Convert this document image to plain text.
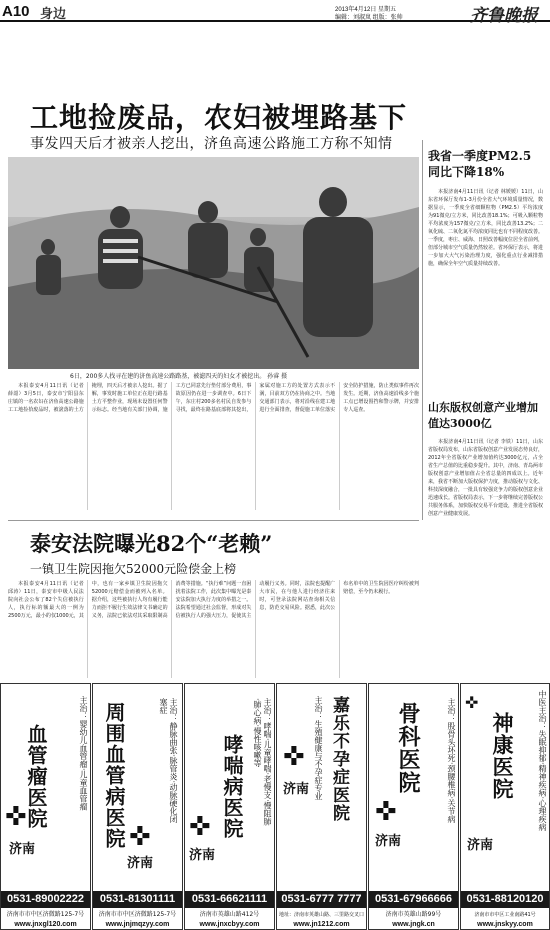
A10 身边	2013年4月12日 星期五
编辑：刘淑岚 组版：张帅	齐鲁晚报
工地捡废品，农妇被埋路基下
事发四天后才被亲人挖出，济鱼高速公路施工方称不知情
6日，200多人找寻在建的济鱼高速公路路基，被滤四天的妇女才被挖出。 孙睿 摄

本报泰安4月11日讯（记者 薛韶）3月5日，泰安市宁阳县东庄镇的一名农妇在济鱼高速公路施工工地捡拾废品时，被滚落的土方掩埋，四天后才被亲人挖出。据了解，事发时施工单位正在进行路基土方平整作业，现场未设置任何警示标志。经当地有关部门协调，施工方已同意先行垫付部分费用，事故原因仍在进一步调查中。6日下午，东庄村200多名村民自发参与寻找，最终在路基底部将其挖出，家属对施工方的处置方式表示不满，目前双方仍在协商之中。当地交通部门表示，将对沿线在建工地进行全面排查，督促施工单位落实安全防护措施，防止类似事件再次发生。近期，济鱼高速沿线多个施工点已增设围挡和警示牌，并安排专人巡查。

我省一季度PM2.5同比下降18%

本报济南4月11日讯（记者 林媛媛）11日，山东省环保厅发布1-3月份全省大气环境质量情况，数据显示，一季度全省细颗粒物（PM2.5）平均浓度为91微克/立方米，同比改善18.1%；可吸入颗粒物平均浓度为157微克/立方米，同比改善13.2%；二氧化硫、二氧化氮平均浓度同比也有不同程度改善。一季度，枣庄、威海、日照改善幅度位居全省前列，但部分城市空气质量仍然较差。省环保厅表示，将进一步加大大气污染治理力度，强化重点行业减排措施，确保全年空气质量持续改善。

山东版权创意产业增加值达3000亿

本报济南4月11日讯（记者 李铁）11日，山东省版权局发布，山东省版权创意产业发展态势良好，2012年全省版权产业增加值约达3000亿元，占全省生产总值的比重稳步提升。其中，济南、青岛两市版权创意产业增加值占全省总量的四成以上。近年来，我省不断加大版权保护力度，推动版权与文化、科技深度融合，一批具有较强竞争力的版权创意企业迅速成长。省版权局表示，下一步将继续完善版权公共服务体系，加快版权交易平台建设，推进全省版权创意产业健康发展。

泰安法院曝光82个“老赖”
一镇卫生院因拖欠52000元险偿金上榜

本报泰安4月11日讯（记者 邱涛）11日，泰安市中级人民法院向社会公布了82个失信被执行人，执行标的额最大的一例为2500万元，最小的仅1000元，其中，也有一家乡镇卫生院因拖欠52000元赔偿金而被列入名单。据介绍，这些被执行人均有履行能力而拒不履行生效法律文书确定的义务，法院已依法对其采取限制高消费等措施。“执行难”问题一直困扰着法院工作，此次集中曝光是泰安法院加大执行力度的举措之一。法院希望通过社会监督，形成对失信被执行人的强大压力，促使其主动履行义务。同时，法院也提醒广大市民，在与他人进行经济往来时，可登录法院网站查询相关信息，防范交易风险。据悉，此次公布名单中的卫生院因医疗纠纷被判赔偿，至今仍未履行。

血管瘤医院	主治：婴幼儿血管瘤·儿童血管瘤
✜
济南
0531-89002222
济南市市中区济微路125-7号
www.jnxgl120.com
周围血管病医院	主治：静脉曲张·脉管炎·动脉硬化闭塞症
✜
济南
0531-81301111
济南市市中区济微路125-7号
www.jnjmqzyy.com
哮喘病医院	主治：哮喘·儿童哮喘·老慢支·慢阻肺·肺心病·慢性咳嗽等
✜
济南
0531-66621111
济南市英雄山路412号
www.jnxcbyy.com
嘉乐不孕症医院
主治：生殖健康与不孕症专业
✜
济南
0531-6777 7777
地址：济南市英雄山路、三里路交叉口
www.jn1212.com
骨科医院	主治：股骨头坏死·颈腰椎病·关节病
✜
济南
0531-67966666
济南市英雄山路99号
www.jngk.cn
神康医院	中医主治：失眠抑郁·精神疾病·心理疾病
✜
济南
0531-88120120
济南市市中区工业南路41号
www.jnskyy.com
